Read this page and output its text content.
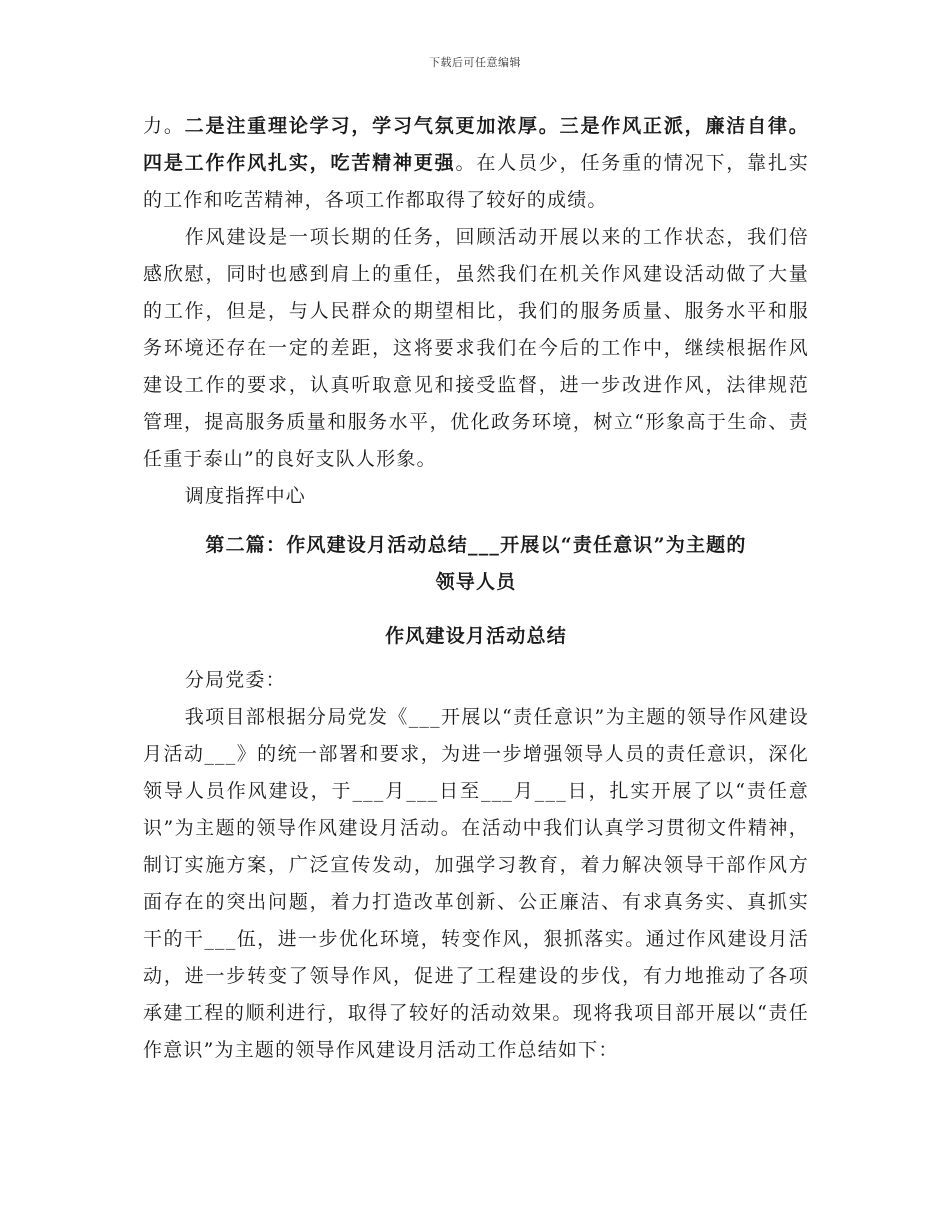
下载后可任意编辑

力。二是注重理论学习，学习气氛更加浓厚。三是作风正派，廉洁自律。四是工作作风扎实，吃苦精神更强。在人员少，任务重的情况下，靠扎实的工作和吃苦精神，各项工作都取得了较好的成绩。

作风建设是一项长期的任务，回顾活动开展以来的工作状态，我们倍感欣慰，同时也感到肩上的重任，虽然我们在机关作风建设活动做了大量的工作，但是，与人民群众的期望相比，我们的服务质量、服务水平和服务环境还存在一定的差距，这将要求我们在今后的工作中，继续根据作风建设工作的要求，认真听取意见和接受监督，进一步改进作风，法律规范管理，提高服务质量和服务水平，优化政务环境，树立“形象高于生命、责任重于泰山”的良好支队人形象。

调度指挥中心

第二篇：作风建设月活动总结___开展以“责任意识”为主题的

领导人员

作风建设月活动总结

分局党委：

我项目部根据分局党发《___开展以“责任意识”为主题的领导作风建设月活动___》的统一部署和要求，为进一步增强领导人员的责任意识，深化领导人员作风建设，于___月___日至___月___日，扎实开展了以“责任意识”为主题的领导作风建设月活动。在活动中我们认真学习贯彻文件精神，制订实施方案，广泛宣传发动，加强学习教育，着力解决领导干部作风方面存在的突出问题，着力打造改革创新、公正廉洁、有求真务实、真抓实干的干___伍，进一步优化环境，转变作风，狠抓落实。通过作风建设月活动，进一步转变了领导作风，促进了工程建设的步伐，有力地推动了各项承建工程的顺利进行，取得了较好的活动效果。现将我项目部开展以“责任作意识”为主题的领导作风建设月活动工作总结如下：
